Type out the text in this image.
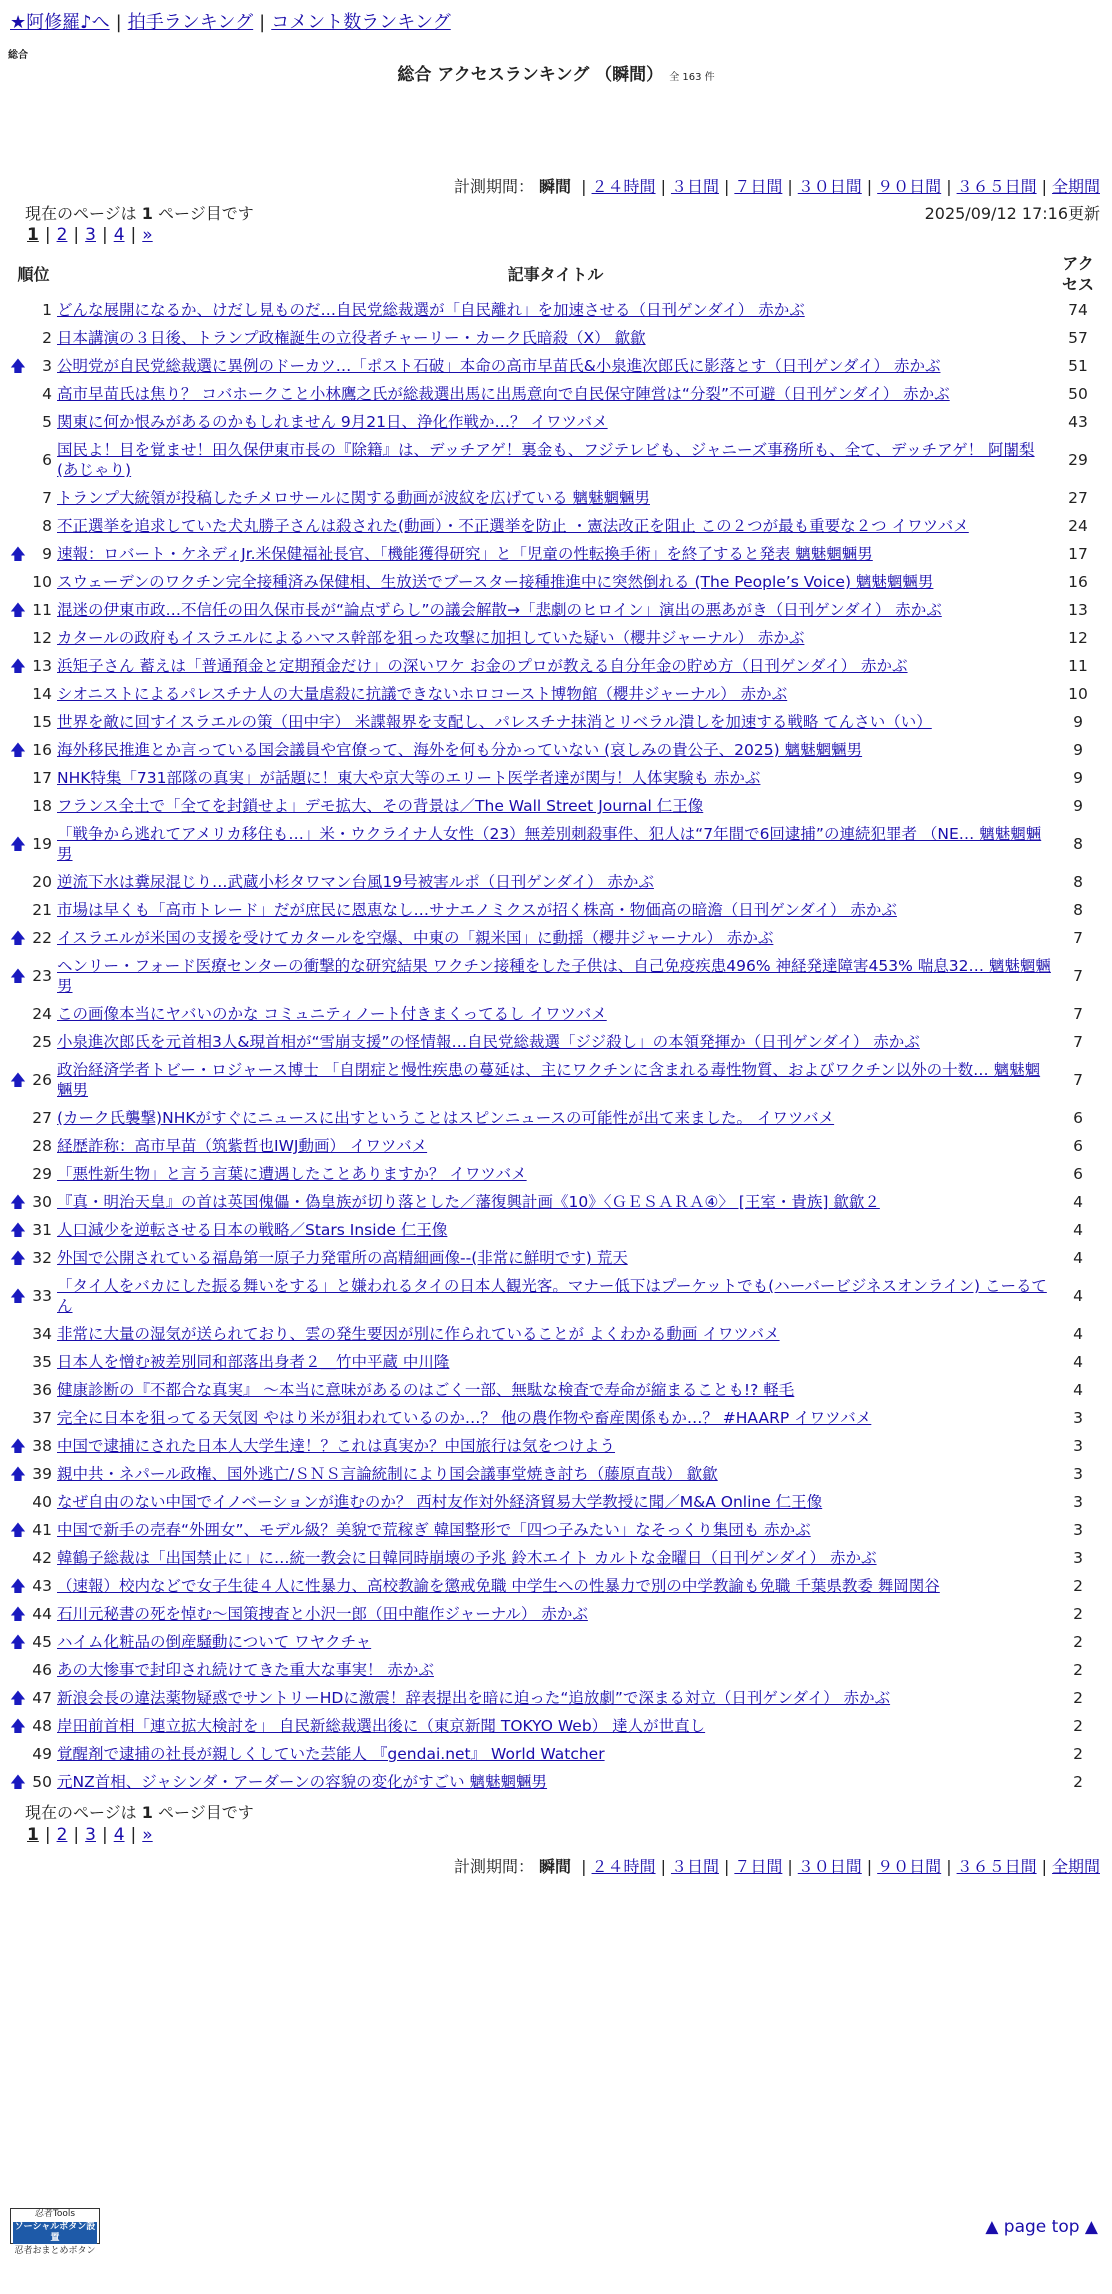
★阿修羅♪へ | 拍手ランキング | コメント数ランキング
総合
総合 アクセスランキング （瞬間） 全 163 件
計測期間： 瞬間 | ２４時間 | ３日間 | ７日間 | ３０日間 | ９０日間 | ３６５日間 | 全期間
現在のページは 1 ページ目です	2025/09/12 17:16更新
1 | 2 | 3 | 4 | »
順位		記事タイトル	アクセス
	1	どんな展開になるか、けだし見ものだ…自民党総裁選が「自民離れ」を加速させる（日刊ゲンダイ） 赤かぶ	74
	2	日本講演の３日後、トランプ政権誕生の立役者チャーリー・カーク氏暗殺（X） 歙歙	57
🡅	3	公明党が自民党総裁選に異例のドーカツ…「ポスト石破」本命の高市早苗氏&小泉進次郎氏に影落とす（日刊ゲンダイ） 赤かぶ	51
	4	高市早苗氏は焦り？ コバホークこと小林鷹之氏が総裁選出馬に出馬意向で自民保守陣営は“分裂”不可避（日刊ゲンダイ） 赤かぶ	50
	5	関東に何か恨みがあるのかもしれません 9月21日、浄化作戦か…？ イワツバメ	43
	6	国民よ！目を覚ませ！田久保伊東市長の『除籍』は、デッチアゲ！裏金も、フジテレビも、ジャニーズ事務所も、全て、デッチアゲ！ 阿闍梨(あじゃり)	29
	7	トランプ大統領が投稿したチメロサールに関する動画が波紋を広げている 魑魅魍魎男	27
	8	不正選挙を追求していた犬丸勝子さんは殺された(動画）・不正選挙を防止 ・憲法改正を阻止 この２つが最も重要な２つ イワツバメ	24
🡅	9	速報：ロバート・ケネディJr.米保健福祉長官、「機能獲得研究」と「児童の性転換手術」を終了すると発表 魑魅魍魎男	17
	10	スウェーデンのワクチン完全接種済み保健相、生放送でブースター接種推進中に突然倒れる (The People’s Voice) 魑魅魍魎男	16
🡅	11	混迷の伊東市政…不信任の田久保市長が“論点ずらし”の議会解散→「悲劇のヒロイン」演出の悪あがき（日刊ゲンダイ） 赤かぶ	13
	12	カタールの政府もイスラエルによるハマス幹部を狙った攻撃に加担していた疑い（櫻井ジャーナル） 赤かぶ	12
🡅	13	浜矩子さん 蓄えは「普通預金と定期預金だけ」の深いワケ お金のプロが教える自分年金の貯め方（日刊ゲンダイ） 赤かぶ	11
	14	シオニストによるパレスチナ人の大量虐殺に抗議できないホロコースト博物館（櫻井ジャーナル） 赤かぶ	10
	15	世界を敵に回すイスラエルの策（田中宇） 米諜報界を支配し、パレスチナ抹消とリベラル潰しを加速する戦略 てんさい（い）	9
🡅	16	海外移民推進とか言っている国会議員や官僚って、海外を何も分かっていない (哀しみの貴公子、2025) 魑魅魍魎男	9
	17	NHK特集「731部隊の真実」が話題に！東大や京大等のエリート医学者達が関与！人体実験も 赤かぶ	9
	18	フランス全土で「全てを封鎖せよ」デモ拡大、その背景は／The Wall Street Journal 仁王像	9
🡅	19	「戦争から逃れてアメリカ移住も…」米・ウクライナ人女性（23）無差別刺殺事件、犯人は“7年間で6回逮捕”の連続犯罪者 （NE… 魑魅魍魎男	8
	20	逆流下水は糞尿混じり…武蔵小杉タワマン台風19号被害ルポ（日刊ゲンダイ） 赤かぶ	8
	21	市場は早くも「高市トレード」だが庶民に恩恵なし…サナエノミクスが招く株高・物価高の暗澹（日刊ゲンダイ） 赤かぶ	8
🡅	22	イスラエルが米国の支援を受けてカタールを空爆、中東の「親米国」に動揺（櫻井ジャーナル） 赤かぶ	7
🡅	23	ヘンリー・フォード医療センターの衝撃的な研究結果 ワクチン接種をした子供は、自己免疫疾患496% 神経発達障害453% 喘息32… 魑魅魍魎男	7
	24	この画像本当にヤバいのかな コミュニティノート付きまくってるし イワツバメ	7
	25	小泉進次郎氏を元首相3人&現首相が“雪崩支援”の怪情報…自民党総裁選「ジジ殺し」の本領発揮か（日刊ゲンダイ） 赤かぶ	7
🡅	26	政治経済学者トビー・ロジャース博士 「自閉症と慢性疾患の蔓延は、主にワクチンに含まれる毒性物質、およびワクチン以外の十数… 魑魅魍魎男	7
	27	(カーク氏襲撃)NHKがすぐにニュースに出すということはスピンニュースの可能性が出て来ました。 イワツバメ	6
	28	経歴詐称：高市早苗（筑紫哲也IWJ動画） イワツバメ	6
	29	「悪性新生物」と言う言葉に遭遇したことありますか？ イワツバメ	6
🡅	30	『真・明治天皇』の首は英国傀儡・偽皇族が切り落とした／藩復興計画《10》〈ＧＥＳＡＲＡ④〉 [王室・貴族] 歙歙２	4
🡅	31	人口減少を逆転させる日本の戦略／Stars Inside 仁王像	4
🡅	32	外国で公開されている福島第一原子力発電所の高精細画像--(非常に鮮明です) 荒天	4
🡅	33	「タイ人をバカにした振る舞いをする」と嫌われるタイの日本人観光客。マナー低下はプーケットでも(ハーバービジネスオンライン) こーるてん	4
	34	非常に大量の湿気が送られており、雲の発生要因が別に作られていることが よくわかる動画 イワツバメ	4
	35	日本人を憎む被差別同和部落出身者２＿竹中平蔵 中川隆	4
	36	健康診断の『不都合な真実』 ～本当に意味があるのはごく一部、無駄な検査で寿命が縮まることも!? 軽毛	4
	37	完全に日本を狙ってる天気図 やはり米が狙われているのか…？ 他の農作物や畜産関係もか…？ #HAARP イワツバメ	3
🡅	38	中国で逮捕にされた日本人大学生達！？これは真実か？中国旅行は気をつけよう	3
🡅	39	親中共・ネパール政権、国外逃亡/ＳＮＳ言論統制により国会議事堂焼き討ち（藤原直哉） 歙歙	3
	40	なぜ自由のない中国でイノベーションが進むのか？ 西村友作対外経済貿易大学教授に聞／M&A Online 仁王像	3
🡅	41	中国で新手の売春“外囲女”、モデル級？美貌で荒稼ぎ 韓国整形で「四つ子みたい」なそっくり集団も 赤かぶ	3
	42	韓鶴子総裁は「出国禁止に」に…統一教会に日韓同時崩壊の予兆 鈴木エイト カルトな金曜日（日刊ゲンダイ） 赤かぶ	3
🡅	43	（速報）校内などで女子生徒４人に性暴力、高校教諭を懲戒免職 中学生への性暴力で別の中学教諭も免職 千葉県教委 舞岡関谷	2
🡅	44	石川元秘書の死を悼む～国策捜査と小沢一郎（田中龍作ジャーナル） 赤かぶ	2
🡅	45	ハイム化粧品の倒産騒動について ワヤクチャ	2
	46	あの大惨事で封印され続けてきた重大な事実！ 赤かぶ	2
🡅	47	新浪会長の違法薬物疑惑でサントリーHDに激震！辞表提出を暗に迫った“追放劇”で深まる対立（日刊ゲンダイ） 赤かぶ	2
🡅	48	岸田前首相「連立拡大検討を」 自民新総裁選出後に（東京新聞 TOKYO Web） 達人が世直し	2
	49	覚醒剤で逮捕の社長が親しくしていた芸能人 『gendai.net』 World Watcher	2
🡅	50	元NZ首相、ジャシンダ・アーダーンの容貌の変化がすごい 魑魅魍魎男	2
現在のページは 1 ページ目です
1 | 2 | 3 | 4 | »
計測期間： 瞬間 | ２４時間 | ３日間 | ７日間 | ３０日間 | ９０日間 | ３６５日間 | 全期間
忍者Tools
ソーシャルボタン設置
忍者おまとめボタン
▲ page top ▲
